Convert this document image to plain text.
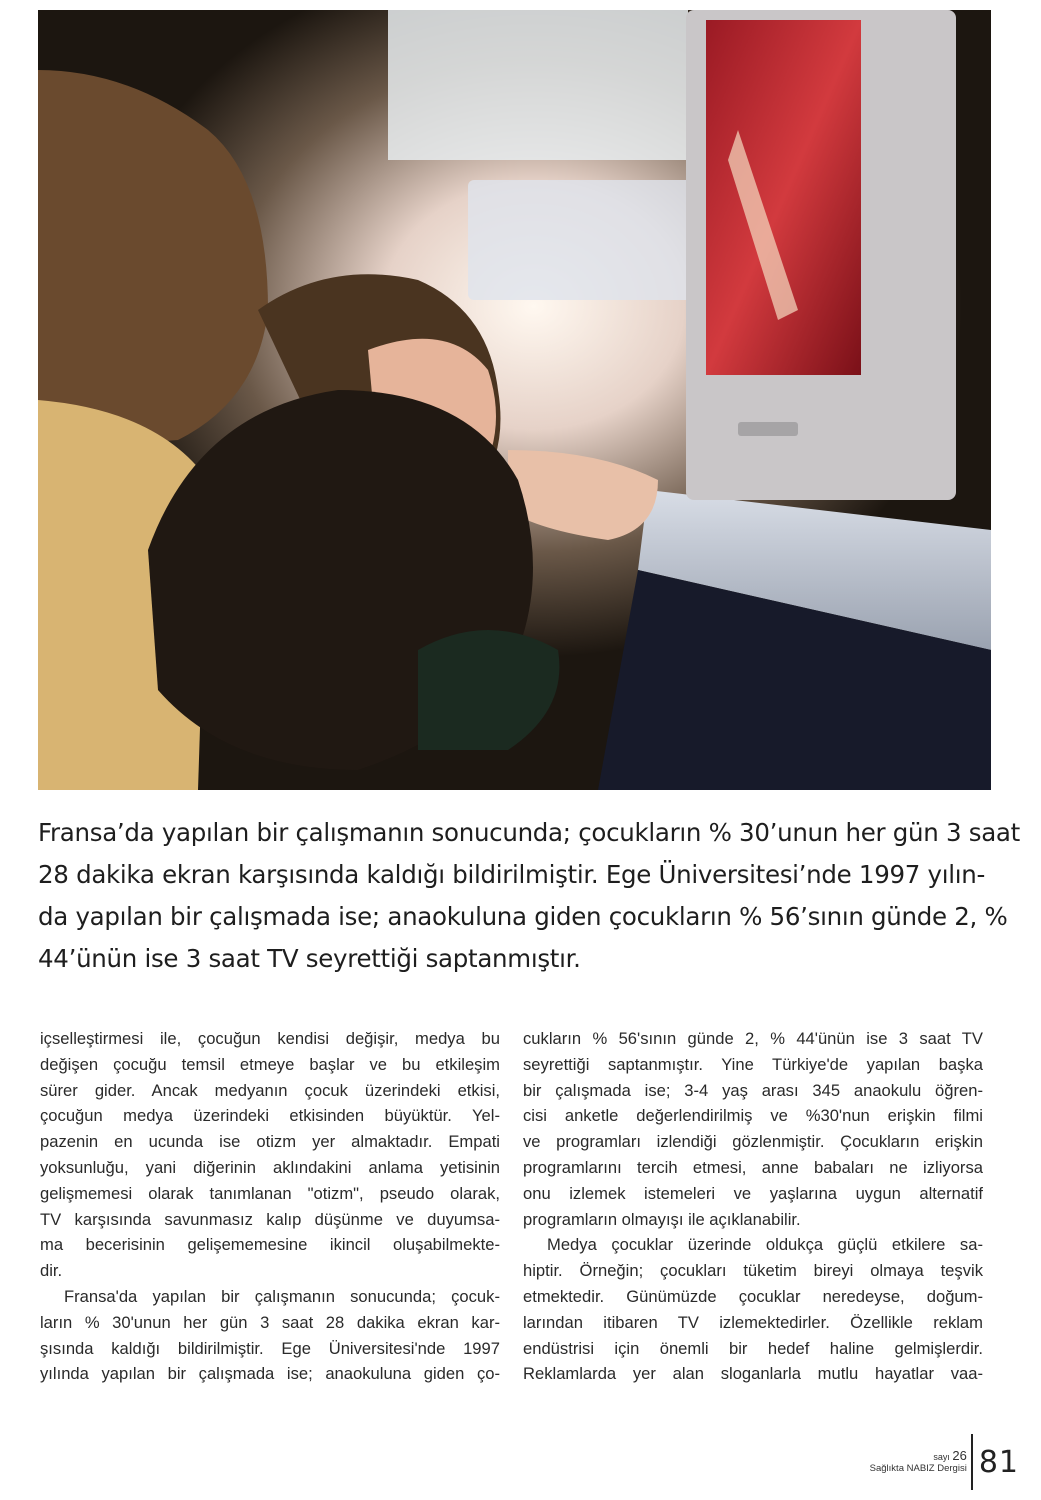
Fransa’da yapılan bir çalışmanın sonucunda; çocukların % 30’unun her gün 3 saat
28 dakika ekran karşısında kaldığı bildirilmiştir. Ege Üniversitesi’nde 1997 yılın-
da yapılan bir çalışmada ise; anaokuluna giden çocukların % 56’sının günde 2, %
44’ünün ise 3 saat TV seyrettiği saptanmıştır.
içselleştirmesi ile, çocuğun kendisi değişir, medya bu
değişen çocuğu temsil etmeye başlar ve bu etkileşim
sürer gider. Ancak medyanın çocuk üzerindeki etkisi,
çocuğun medya üzerindeki etkisinden büyüktür. Yel-
pazenin en ucunda ise otizm yer almaktadır. Empati
yoksunluğu, yani diğerinin aklındakini anlama yetisinin
gelişmemesi olarak tanımlanan "otizm", pseudo olarak,
TV karşısında savunmasız kalıp düşünme ve duyumsa-
ma becerisinin gelişememesine ikincil oluşabilmekte-
dir.
Fransa'da yapılan bir çalışmanın sonucunda; çocuk-
ların % 30'unun her gün 3 saat 28 dakika ekran kar-
şısında kaldığı bildirilmiştir. Ege Üniversitesi'nde 1997
yılında yapılan bir çalışmada ise; anaokuluna giden ço-
cukların % 56'sının günde 2, % 44'ünün ise 3 saat TV
seyrettiği saptanmıştır. Yine Türkiye'de yapılan başka
bir çalışmada ise; 3-4 yaş arası 345 anaokulu öğren-
cisi anketle değerlendirilmiş ve %30'nun erişkin filmi
ve programları izlendiği gözlenmiştir. Çocukların erişkin
programlarını tercih etmesi, anne babaları ne izliyorsa
onu izlemek istemeleri ve yaşlarına uygun alternatif
programların olmayışı ile açıklanabilir.
Medya çocuklar üzerinde oldukça güçlü etkilere sa-
hiptir. Örneğin; çocukları tüketim bireyi olmaya teşvik
etmektedir. Günümüzde çocuklar neredeyse, doğum-
larından itibaren TV izlemektedirler. Özellikle reklam
endüstrisi için önemli bir hedef haline gelmişlerdir.
Reklamlarda yer alan sloganlarla mutlu hayatlar vaa-
sayı 26
Sağlıkta NABIZ Dergisi 81
